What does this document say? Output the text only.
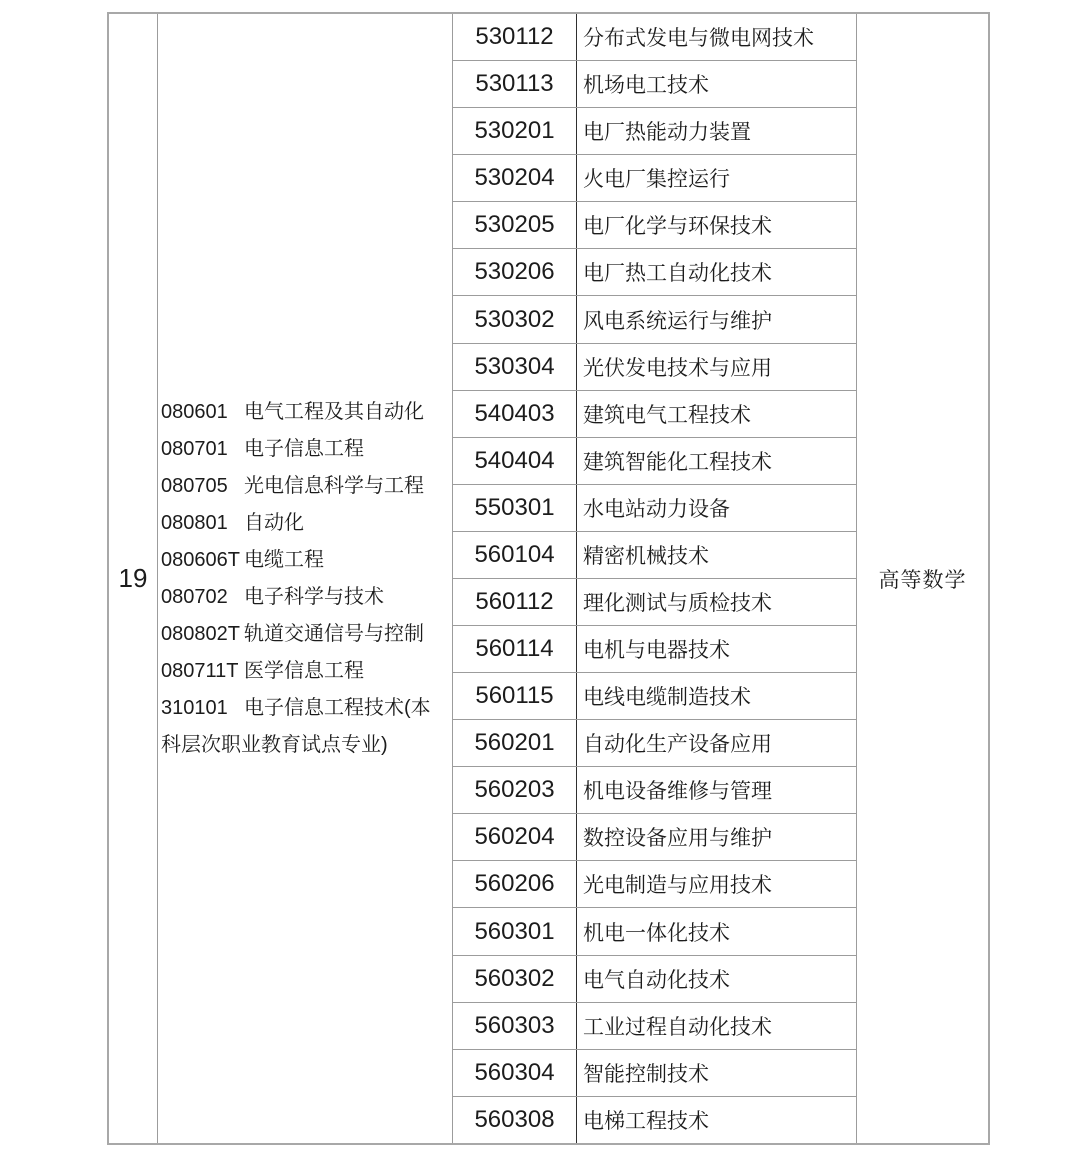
19
080601 电气工程及其自动化
080701 电子信息工程
080705 光电信息科学与工程
080801 自动化
080606T 电缆工程
080702 电子科学与技术
080802T 轨道交通信号与控制
080711T 医学信息工程
310101 电子信息工程技术(本科层次职业教育试点专业)
530112	分布式发电与微电网技术
530113	机场电工技术
530201	电厂热能动力装置
530204	火电厂集控运行
530205	电厂化学与环保技术
530206	电厂热工自动化技术
530302	风电系统运行与维护
530304	光伏发电技术与应用
540403	建筑电气工程技术
540404	建筑智能化工程技术
550301	水电站动力设备
560104	精密机械技术
560112	理化测试与质检技术
560114	电机与电器技术
560115	电线电缆制造技术
560201	自动化生产设备应用
560203	机电设备维修与管理
560204	数控设备应用与维护
560206	光电制造与应用技术
560301	机电一体化技术
560302	电气自动化技术
560303	工业过程自动化技术
560304	智能控制技术
560308	电梯工程技术
高等数学
